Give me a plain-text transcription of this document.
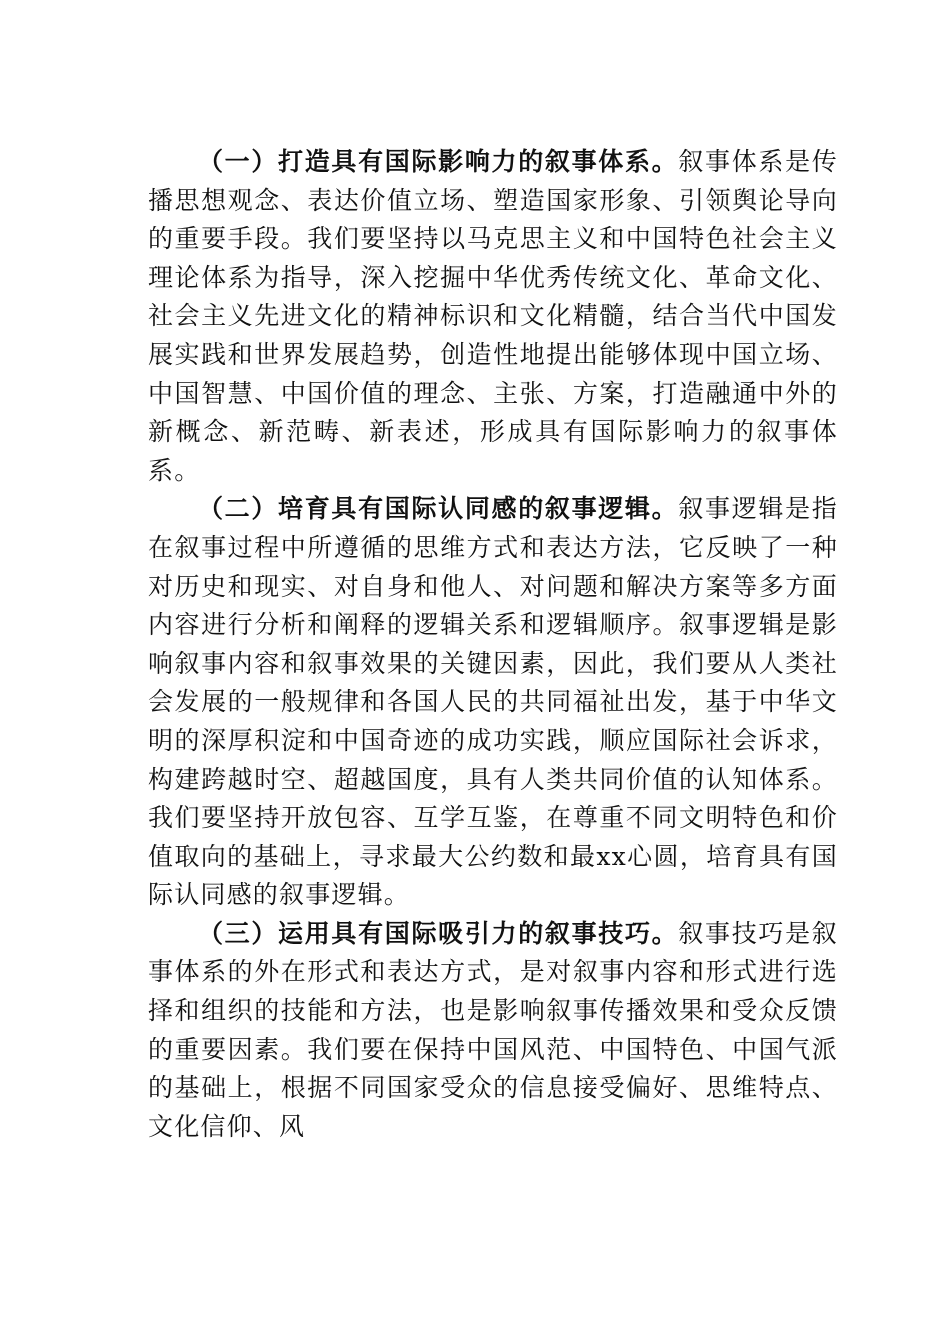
（一）打造具有国际影响力的叙事体系。叙事体系是传播思想观念、表达价值立场、塑造国家形象、引领舆论导向的重要手段。我们要坚持以马克思主义和中国特色社会主义理论体系为指导，深入挖掘中华优秀传统文化、革命文化、社会主义先进文化的精神标识和文化精髓，结合当代中国发展实践和世界发展趋势，创造性地提出能够体现中国立场、中国智慧、中国价值的理念、主张、方案，打造融通中外的新概念、新范畴、新表述，形成具有国际影响力的叙事体系。

（二）培育具有国际认同感的叙事逻辑。叙事逻辑是指在叙事过程中所遵循的思维方式和表达方法，它反映了一种对历史和现实、对自身和他人、对问题和解决方案等多方面内容进行分析和阐释的逻辑关系和逻辑顺序。叙事逻辑是影响叙事内容和叙事效果的关键因素，因此，我们要从人类社会发展的一般规律和各国人民的共同福祉出发，基于中华文明的深厚积淀和中国奇迹的成功实践，顺应国际社会诉求，构建跨越时空、超越国度，具有人类共同价值的认知体系。我们要坚持开放包容、互学互鉴，在尊重不同文明特色和价值取向的基础上，寻求最大公约数和最xx心圆，培育具有国际认同感的叙事逻辑。

（三）运用具有国际吸引力的叙事技巧。叙事技巧是叙事体系的外在形式和表达方式，是对叙事内容和形式进行选择和组织的技能和方法，也是影响叙事传播效果和受众反馈的重要因素。我们要在保持中国风范、中国特色、中国气派的基础上，根据不同国家受众的信息接受偏好、思维特点、文化信仰、风
